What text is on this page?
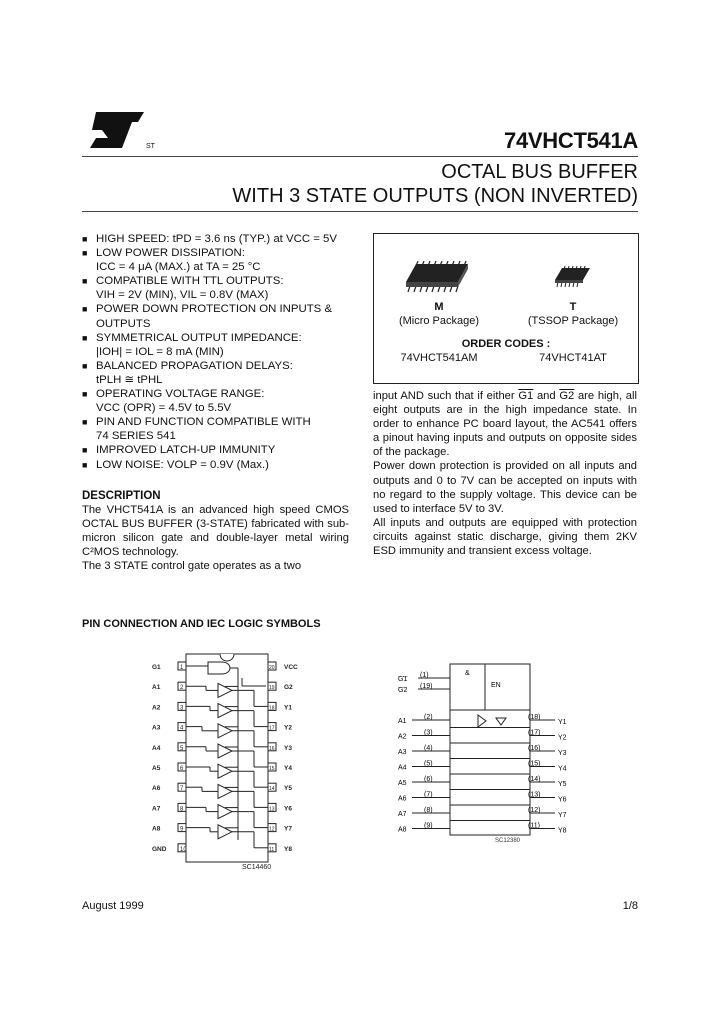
ST	74VHCT541A
OCTAL BUS BUFFER
WITH 3 STATE OUTPUTS (NON INVERTED)
■ HIGH SPEED: tPD = 3.6 ns (TYP.) at VCC = 5V
■ LOW POWER DISSIPATION:
ICC = 4 μA (MAX.) at TA = 25 °C
■ COMPATIBLE WITH TTL OUTPUTS:
VIH = 2V (MIN), VIL = 0.8V (MAX)
■ POWER DOWN PROTECTION ON INPUTS &
OUTPUTS
■ SYMMETRICAL OUTPUT IMPEDANCE:
|IOH| = IOL = 8 mA (MIN)
■ BALANCED PROPAGATION DELAYS:
tPLH ≅ tPHL
■ OPERATING VOLTAGE RANGE:
VCC (OPR) = 4.5V to 5.5V
■ PIN AND FUNCTION COMPATIBLE WITH
74 SERIES 541
■ IMPROVED LATCH-UP IMMUNITY
■ LOW NOISE: VOLP = 0.9V (Max.)
M
(Micro Package)
T
(TSSOP Package)
ORDER CODES :
74VHCT541AM	74VHCT41AT

input AND such that if either G1 and G2 are high, all eight outputs are in the high impedance state. In order to enhance PC board layout, the AC541 offers a pinout having inputs and outputs on opposite sides of the package.

Power down protection is provided on all inputs and outputs and 0 to 7V can be accepted on inputs with no regard to the supply voltage. This device can be used to interface 5V to 3V.

All inputs and outputs are equipped with protection circuits against static discharge, giving them 2KV ESD immunity and transient excess voltage.

DESCRIPTION

The VHCT541A is an advanced high speed CMOS OCTAL BUS BUFFER (3-STATE) fabricated with sub-micron silicon gate and double-layer metal wiring C²MOS technology.

The 3 STATE control gate operates as a two

PIN CONNECTION AND IEC LOGIC SYMBOLS
1
G1	20 VCC
2
A1	19 G2
3
A2	18 Y1
4
A3	17 Y2
5
A4	16 Y3
6
A5	15 Y4
7
A6	14 Y5
8
A7	13 Y6
9
A8	12 Y7
10
GND	11 Y8
SC14460
&
EN
G1
(1)
G2
(19)
A1
(2)	(18)
Y1
A2
(3)	(17)
Y2
A3
(4)	(16)
Y3
A4
(5)	(15)
Y4
A5
(6)	(14)
Y5
A6
(7)	(13)
Y6
A7
(8)	(12)
Y7
A8
(9)	(11)
Y8
SC12380
August 1999	1/8
